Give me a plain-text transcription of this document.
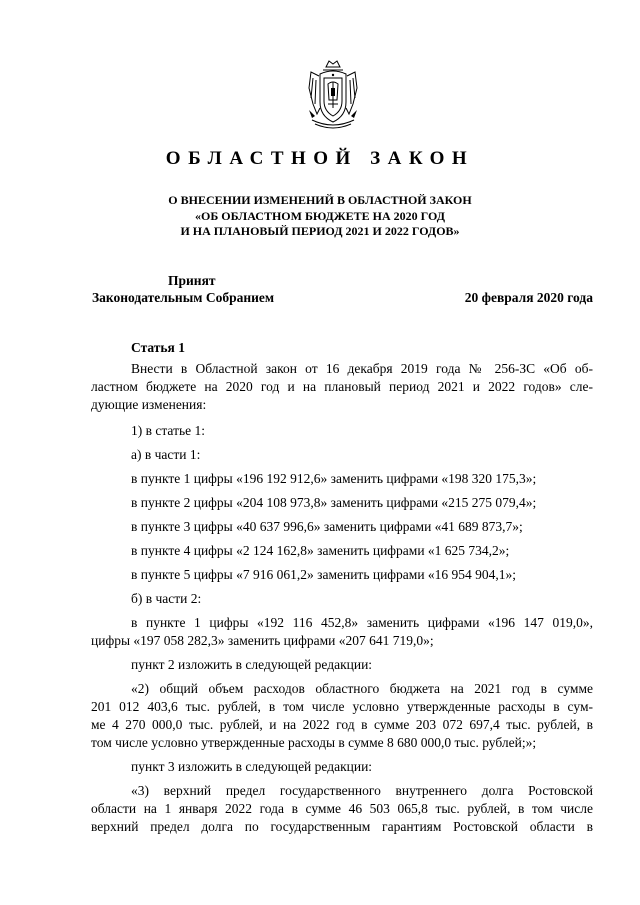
ОБЛАСТНОЙ ЗАКОН
О ВНЕСЕНИИ ИЗМЕНЕНИЙ В ОБЛАСТНОЙ ЗАКОН
«ОБ ОБЛАСТНОМ БЮДЖЕТЕ НА 2020 ГОД
И НА ПЛАНОВЫЙ ПЕРИОД 2021 И 2022 ГОДОВ»
Принят
Законодательным Собранием	20 февраля 2020 года
Статья 1
Внести в Областной закон от 16 декабря 2019 года № 256-ЗС «Об об-
ластном бюджете на 2020 год и на плановый период 2021 и 2022 годов» сле-
дующие изменения:
1) в статье 1:
а) в части 1:
в пункте 1 цифры «196 192 912,6» заменить цифрами «198 320 175,3»;
в пункте 2 цифры «204 108 973,8» заменить цифрами «215 275 079,4»;
в пункте 3 цифры «40 637 996,6» заменить цифрами «41 689 873,7»;
в пункте 4 цифры «2 124 162,8» заменить цифрами «1 625 734,2»;
в пункте 5 цифры «7 916 061,2» заменить цифрами «16 954 904,1»;
б) в части 2:
в пункте 1 цифры «192 116 452,8» заменить цифрами «196 147 019,0»,
цифры «197 058 282,3» заменить цифрами «207 641 719,0»;
пункт 2 изложить в следующей редакции:
«2) общий объем расходов областного бюджета на 2021 год в сумме
201 012 403,6 тыс. рублей, в том числе условно утвержденные расходы в сум-
ме 4 270 000,0 тыс. рублей, и на 2022 год в сумме 203 072 697,4 тыс. рублей, в
том числе условно утвержденные расходы в сумме 8 680 000,0 тыс. рублей;»;
пункт 3 изложить в следующей редакции:
«3) верхний предел государственного внутреннего долга Ростовской
области на 1 января 2022 года в сумме 46 503 065,8 тыс. рублей, в том числе
верхний предел долга по государственным гарантиям Ростовской области в
